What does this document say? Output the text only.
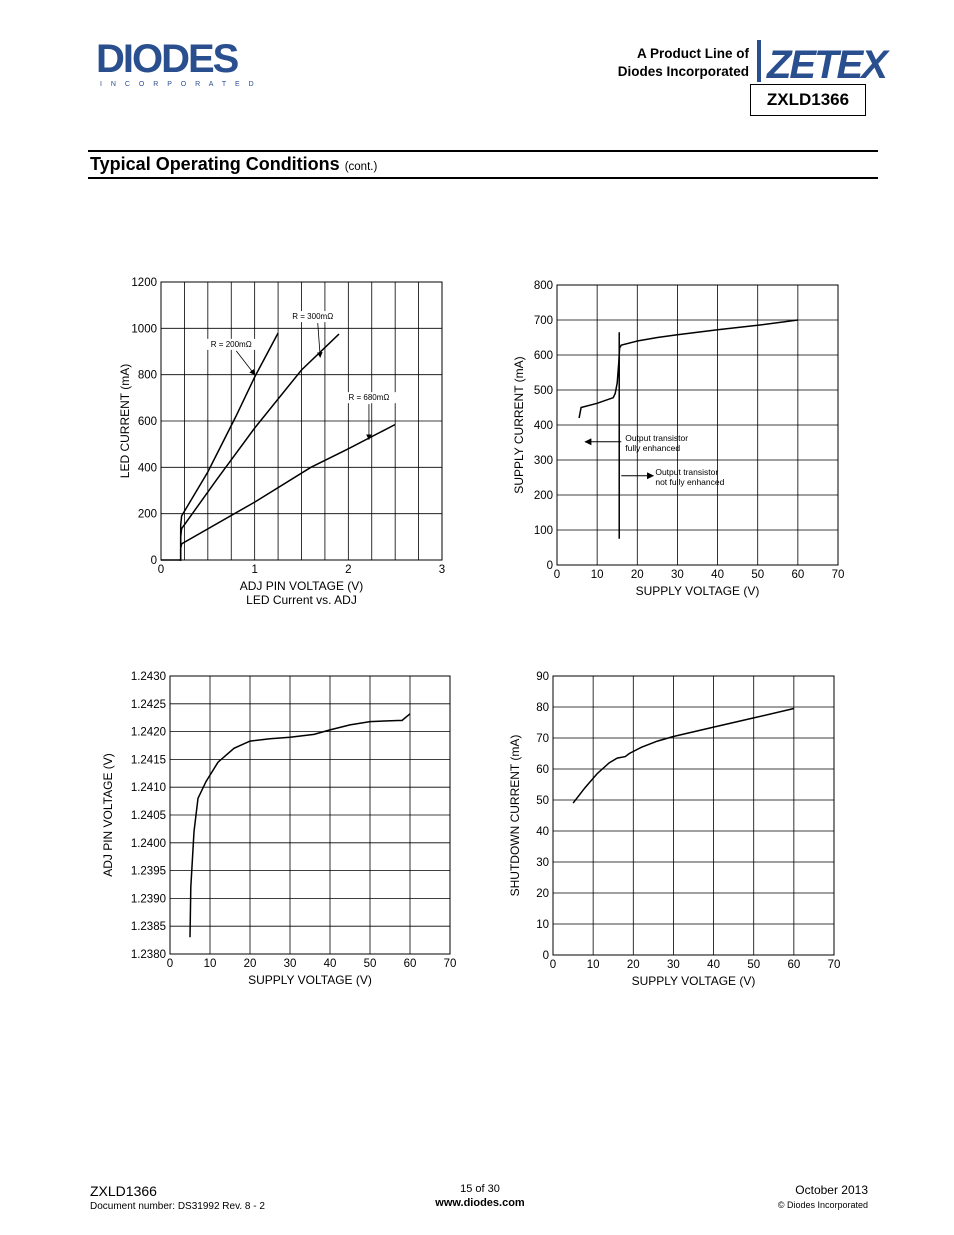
DIODES
I N C O R P O R A T E D
A Product Line of
Diodes Incorporated ZETEX
ZXLD1366
Typical Operating Conditions (cont.)
0	1	2	3
0
200
400
600
800
1000
1200
ADJ PIN VOLTAGE (V)
LED CURRENT (mA)
LED Current vs. ADJ
R = 200mΩ
R = 300mΩ
R = 680mΩ
0	10 20 30 40 50 60 70
0
100
200
300
400
500
600
700
800
SUPPLY VOLTAGE (V)
SUPPLY CURRENT (mA)	Output transistor
fully enhanced
Output transistor
not fully enhanced
0	10 20 30 40 50 60 70
1.2380
1.2385
1.2390
1.2395
1.2400
1.2405
1.2410
1.2415
1.2420
1.2425
1.2430
SUPPLY VOLTAGE (V)
ADJ PIN VOLTAGE (V)
0	10 20 30 40 50 60 70
0
10
20
30
40
50
60
70
80
90
SUPPLY VOLTAGE (V)
SHUTDOWN CURRENT (mA)
ZXLD1366
Document number: DS31992 Rev. 8 - 2
15 of 30
www.diodes.com
October 2013
© Diodes Incorporated
